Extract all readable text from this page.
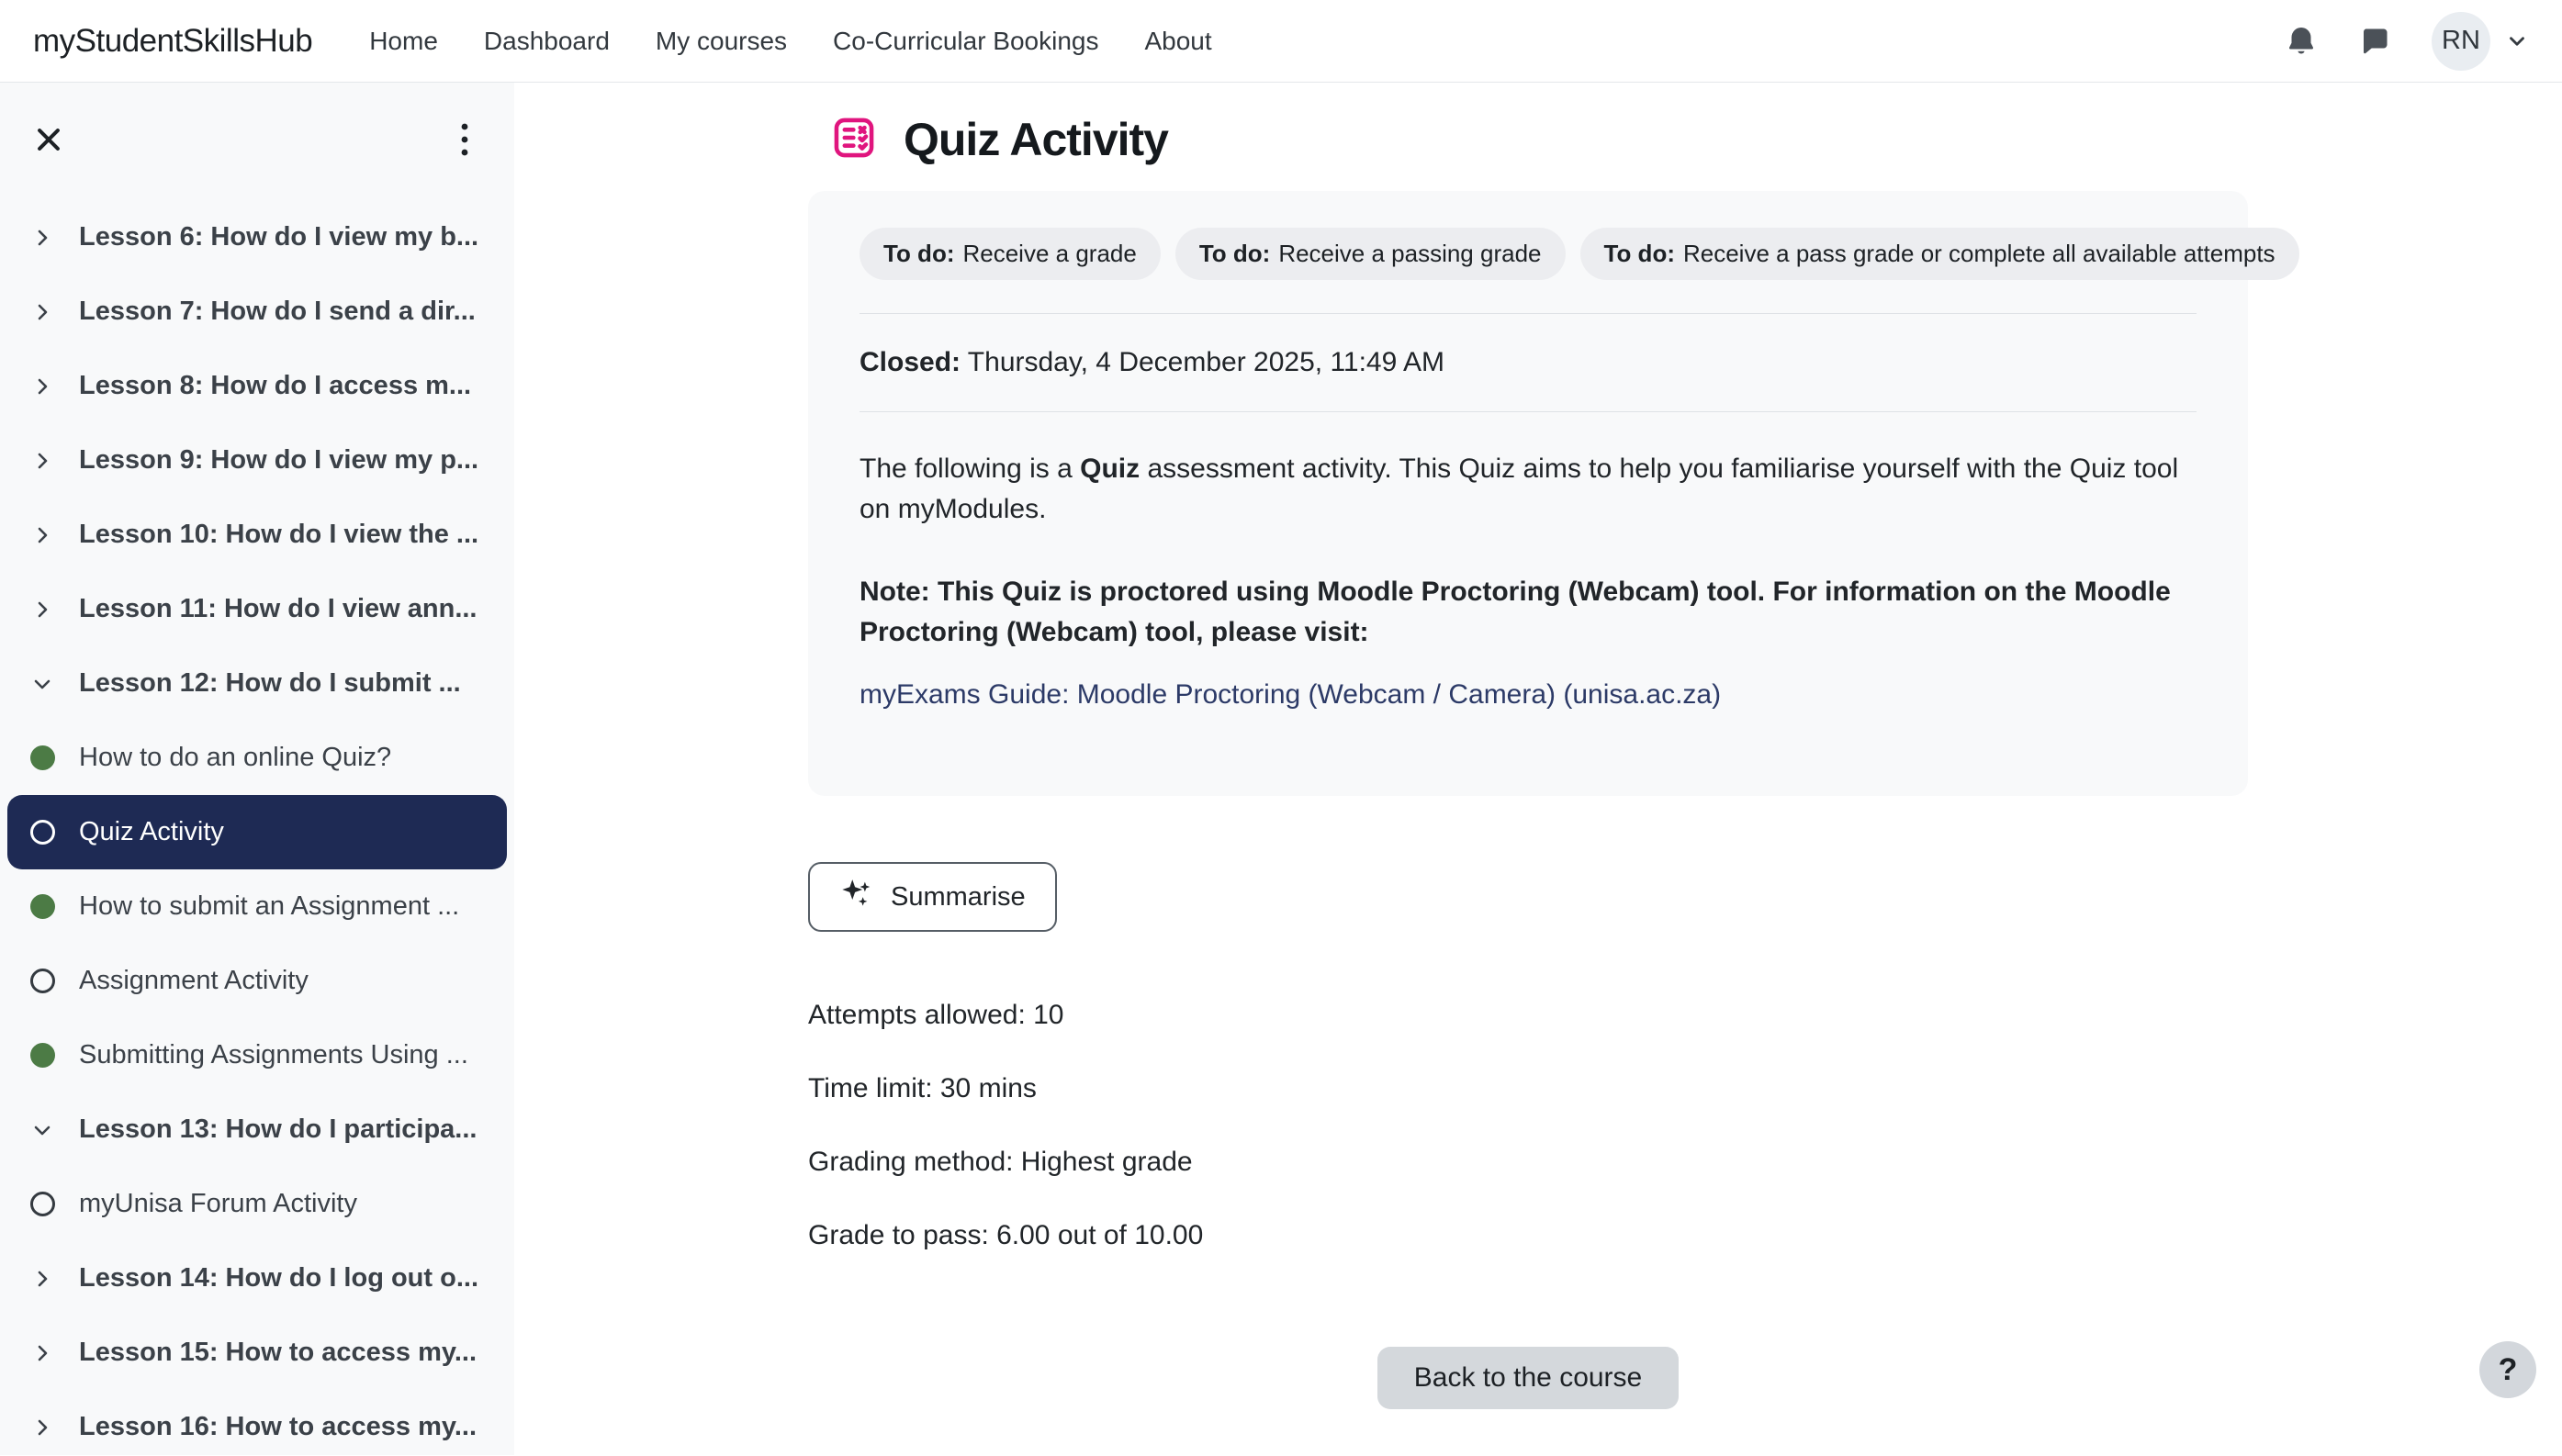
myStudentSkillsHub Home Dashboard My courses Co-Curricular Bookings About	RN
Lesson 6: How do I view my b...
Lesson 7: How do I send a dir...
Lesson 8: How do I access m...
Lesson 9: How do I view my p...
Lesson 10: How do I view the ...
Lesson 11: How do I view ann...
Lesson 12: How do I submit ...
How to do an online Quiz?
Quiz Activity
How to submit an Assignment ...
Assignment Activity
Submitting Assignments Using ...
Lesson 13: How do I participa...
myUnisa Forum Activity
Lesson 14: How do I log out o...
Lesson 15: How to access my...
Lesson 16: How to access my...
Quiz Activity
To do: Receive a grade	To do: Receive a passing grade	To do: Receive a pass grade or complete all available attempts

Closed: Thursday, 4 December 2025, 11:49 AM

The following is a Quiz assessment activity. This Quiz aims to help you familiarise yourself with the Quiz tool on myModules.

Note: This Quiz is proctored using Moodle Proctoring (Webcam) tool. For information on the Moodle Proctoring (Webcam) tool, please visit:

myExams Guide: Moodle Proctoring (Webcam / Camera) (unisa.ac.za)
Summarise

Attempts allowed: 10

Time limit: 30 mins

Grading method: Highest grade

Grade to pass: 6.00 out of 10.00

Back to the course	?
